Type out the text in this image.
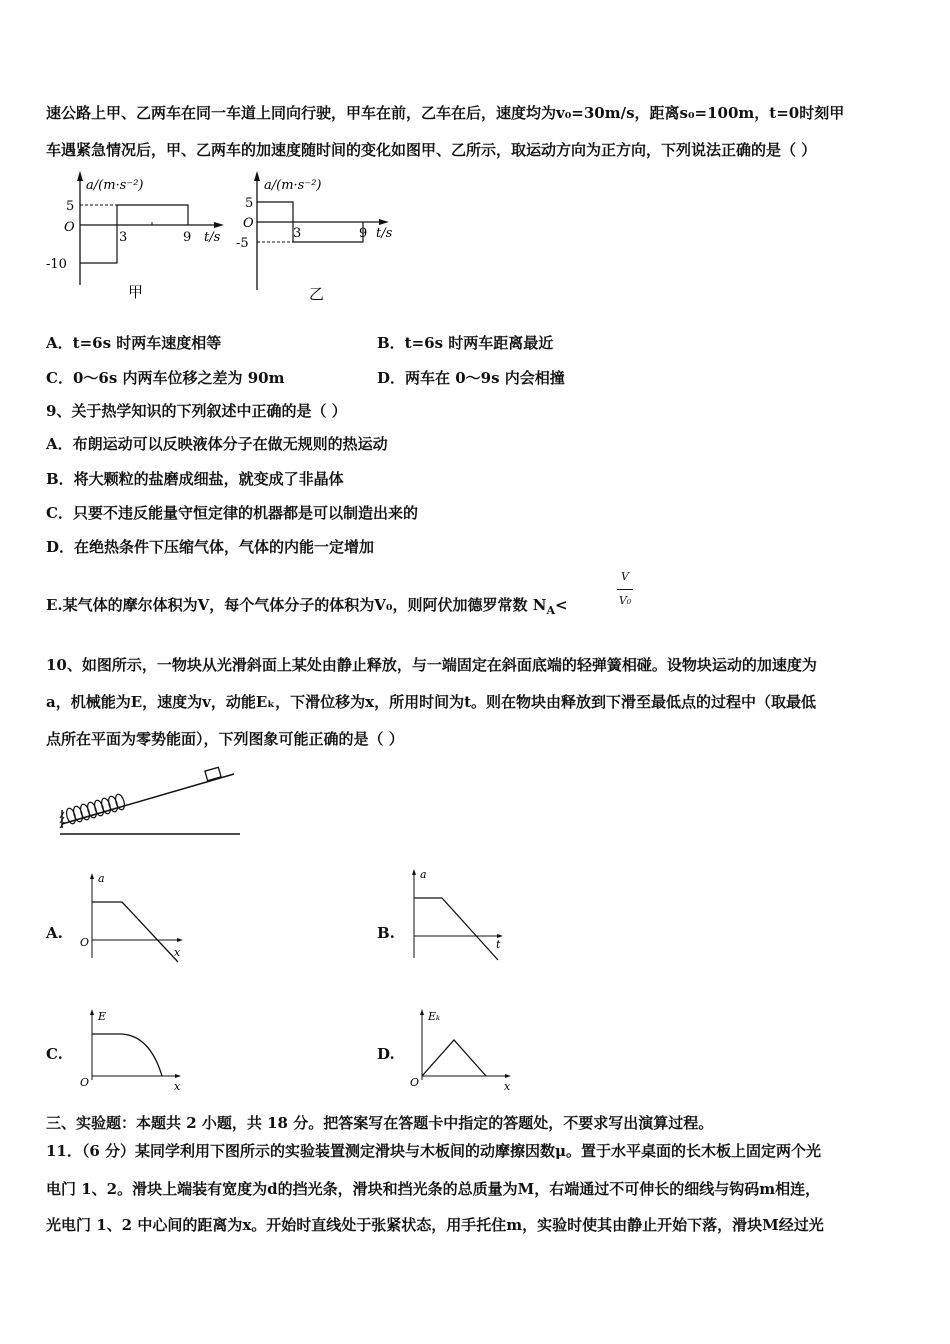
速公路上甲、乙两车在同一车道上同向行驶，甲车在前，乙车在后，速度均为v₀=30m/s，距离s₀=100m，t=0时刻甲
车遇紧急情况后，甲、乙两车的加速度随时间的变化如图甲、乙所示，取运动方向为正方向，下列说法正确的是（ ）
a/(m·s⁻²)
O
5
-10
3	9 t/s
甲
a/(m·s⁻²)
O
5
-5
3	9 t/s
乙
A．t=6s 时两车速度相等	B．t=6s 时两车距离最近
C．0～6s 内两车位移之差为 90m	D．两车在 0～9s 内会相撞
9、关于热学知识的下列叙述中正确的是（ ）
A．布朗运动可以反映液体分子在做无规则的热运动
B．将大颗粒的盐磨成细盐，就变成了非晶体
C．只要不违反能量守恒定律的机器都是可以制造出来的
D．在绝热条件下压缩气体，气体的内能一定增加
E.某气体的摩尔体积为V，每个气体分子的体积为V₀，则阿伏加德罗常数 $N_A<$
V
V₀
10、如图所示，一物块从光滑斜面上某处由静止释放，与一端固定在斜面底端的轻弹簧相碰。设物块运动的加速度为
a，机械能为E，速度为v，动能Eₖ，下滑位移为x，所用时间为t。则在物块由释放到下滑至最低点的过程中（取最低
点所在平面为零势能面），下列图象可能正确的是（ ）
A.	B.
C.	D.
a
O
x
a
t
E
O	x
Eₖ
O	x
三、实验题：本题共 2 小题，共 18 分。把答案写在答题卡中指定的答题处，不要求写出演算过程。
11．（6 分）某同学利用下图所示的实验装置测定滑块与木板间的动摩擦因数μ。置于水平桌面的长木板上固定两个光
电门 1、2。滑块上端装有宽度为d的挡光条，滑块和挡光条的总质量为M，右端通过不可伸长的细线与钩码m相连，
光电门 1、2 中心间的距离为x。开始时直线处于张紧状态，用手托住m，实验时使其由静止开始下落，滑块M经过光
